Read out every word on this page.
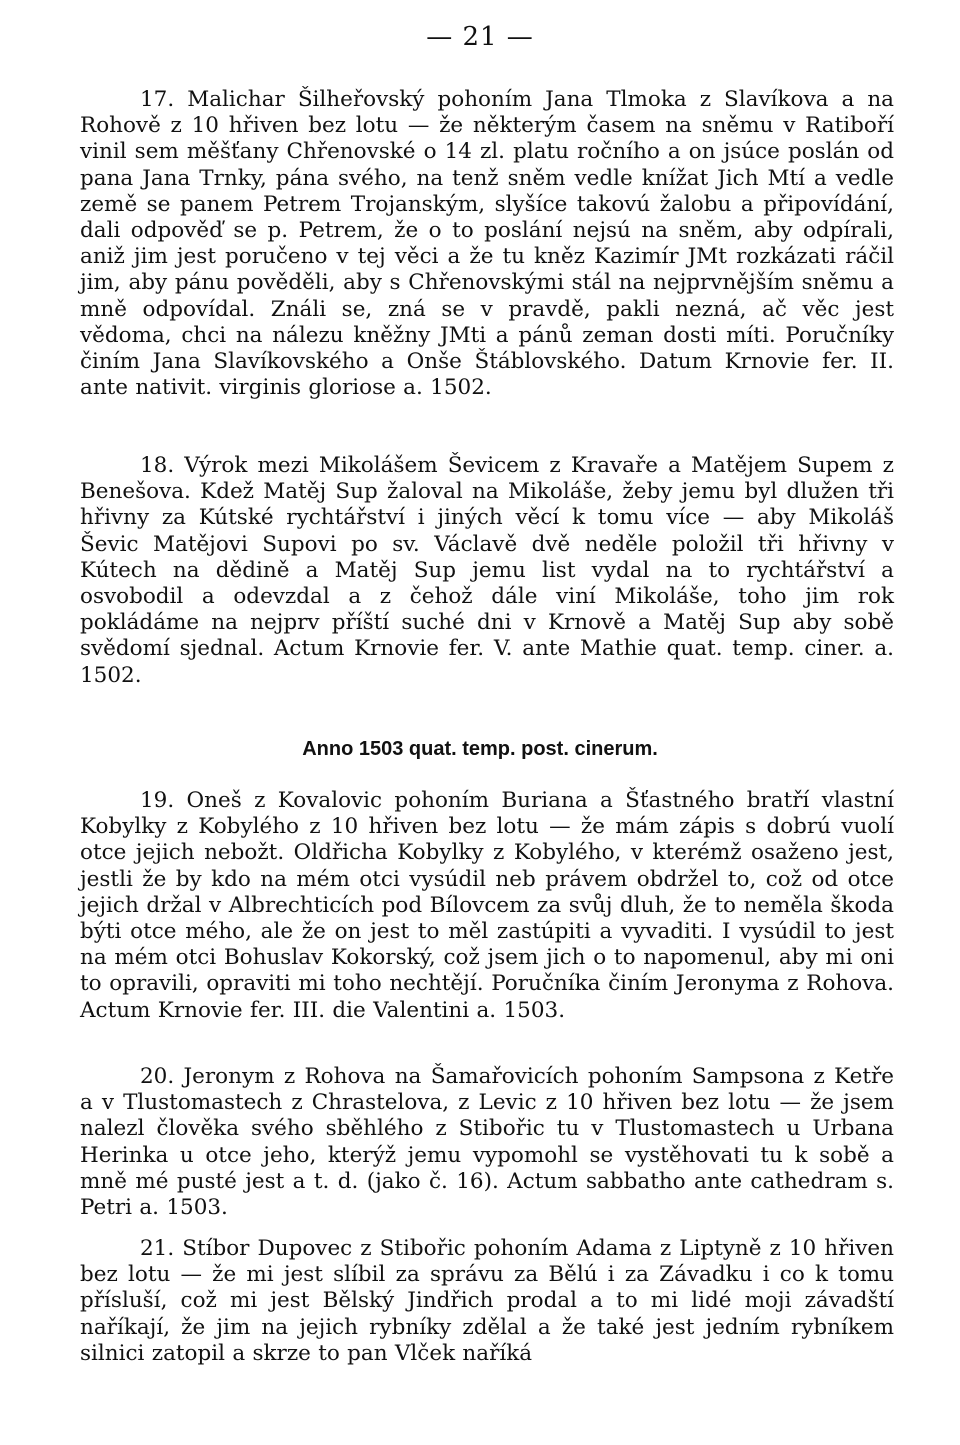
— 21 —

17. Malichar Šilheřovský pohoním Jana Tlmoka z Slavíkova a na Rohově z 10 hřiven bez lotu — že některým časem na sněmu v Ratiboří vinil sem měšťany Chřenovské o 14 zl. platu ročního a on jsúce poslán od pana Jana Trnky, pána svého, na tenž sněm vedle knížat Jich Mtí a vedle země se panem Petrem Trojanským, slyšíce takovú žalobu a připovídání, dali odpověď se p. Petrem, že o to poslání nejsú na sněm, aby odpírali, aniž jim jest poručeno v tej věci a že tu kněz Kazimír JMt rozkázati ráčil jim, aby pánu pověděli, aby s Chřenovskými stál na nejprvnějším sněmu a mně odpovídal. Ználi se, zná se v pravdě, pakli nezná, ač věc jest vědoma, chci na nálezu kněžny JMti a pánů zeman dosti míti. Poručníky činím Jana Slavíkovského a Onše Štáblovského. Datum Krnovie fer. II. ante nativit. virginis gloriose a. 1502.

18. Výrok mezi Mikolášem Ševicem z Kravaře a Matějem Supem z Benešova. Kdež Matěj Sup žaloval na Mikoláše, žeby jemu byl dlužen tři hřivny za Kútské rychtářství i jiných věcí k tomu více — aby Mikoláš Ševic Matějovi Supovi po sv. Václavě dvě neděle položil tři hřivny v Kútech na dědině a Matěj Sup jemu list vydal na to rychtářství a osvobodil a odevzdal a z čehož dále viní Mikoláše, toho jim rok pokládáme na nejprv příští suché dni v Krnově a Matěj Sup aby sobě svědomí sjednal. Actum Krnovie fer. V. ante Mathie quat. temp. ciner. a. 1502.

Anno 1503 quat. temp. post. cinerum.

19. Oneš z Kovalovic pohoním Buriana a Šťastného bratří vlastní Kobylky z Kobylého z 10 hřiven bez lotu — že mám zápis s dobrú vuolí otce jejich nebožt. Oldřicha Kobylky z Kobylého, v kterémž osaženo jest, jestli že by kdo na mém otci vysúdil neb právem obdržel to, což od otce jejich držal v Albrechticích pod Bílovcem za svůj dluh, že to neměla škoda býti otce mého, ale že on jest to měl zastúpiti a vyvaditi. I vysúdil to jest na mém otci Bohuslav Kokorský, což jsem jich o to napomenul, aby mi oni to opravili, opraviti mi toho nechtějí. Poručníka činím Jeronyma z Rohova. Actum Krnovie fer. III. die Valentini a. 1503.

20. Jeronym z Rohova na Šamařovicích pohoním Sampsona z Ketře a v Tlustomastech z Chrastelova, z Levic z 10 hřiven bez lotu — že jsem nalezl člověka svého sběhlého z Stibořic tu v Tlustomastech u Urbana Herinka u otce jeho, kterýž jemu vypomohl se vystěhovati tu k sobě a mně mé pusté jest a t. d. (jako č. 16). Actum sabbatho ante cathedram s. Petri a. 1503.

21. Stíbor Dupovec z Stibořic pohoním Adama z Liptyně z 10 hřiven bez lotu — že mi jest slíbil za správu za Bělú i za Závadku i co k tomu přísluší, což mi jest Bělský Jindřich prodal a to mi lidé moji závadští naříkají, že jim na jejich rybníky zdělal a že také jest jedním rybníkem silnici zatopil a skrze to pan Vlček naříká
